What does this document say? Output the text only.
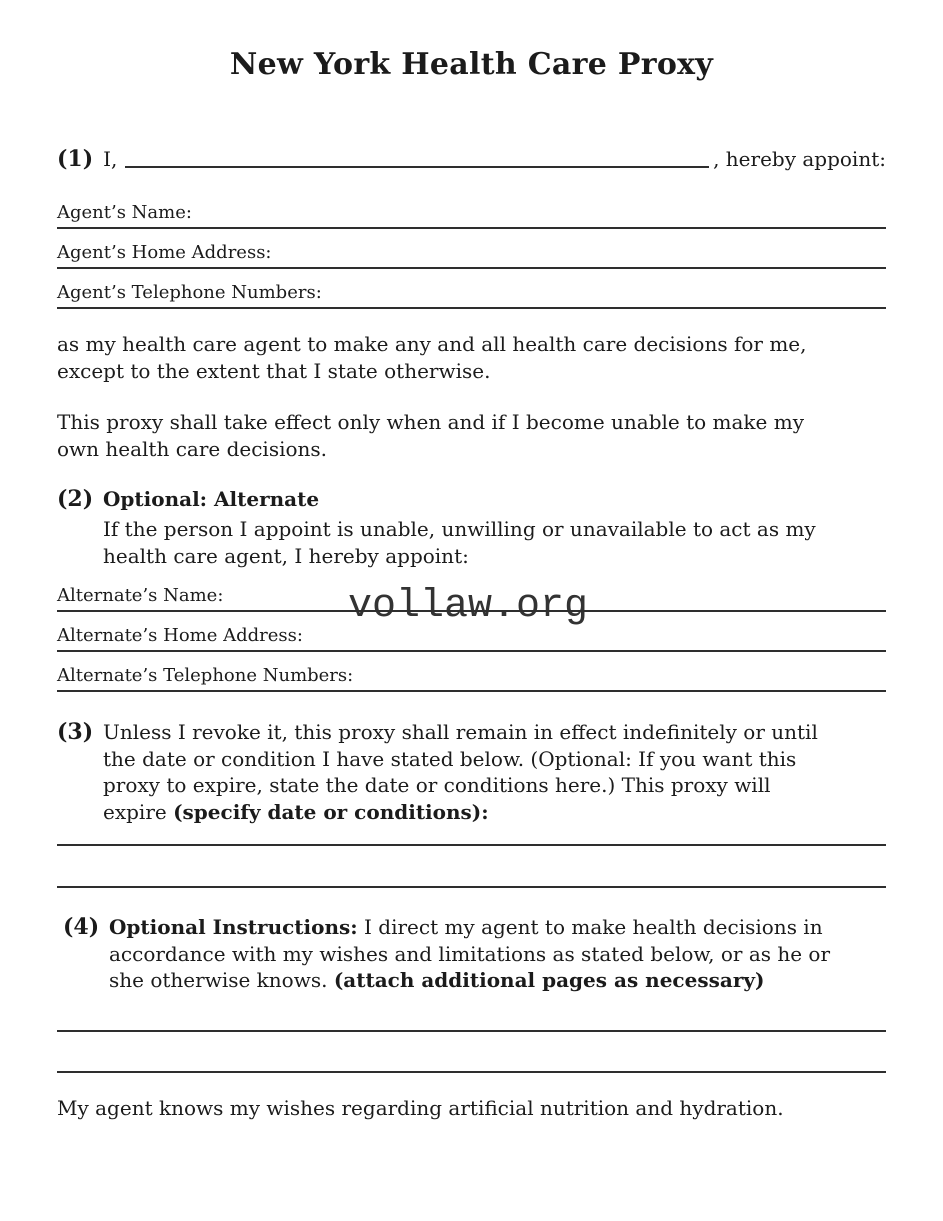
vollaw.org
New York Health Care Proxy
(1) I,	, hereby appoint:
Agent’s Name:
Agent’s Home Address:
Agent’s Telephone Numbers:
as my health care agent to make any and all health care decisions for me,
except to the extent that I state otherwise.
This proxy shall take effect only when and if I become unable to make my
own health care decisions.
(2) Optional: Alternate
If the person I appoint is unable, unwilling or unavailable to act as my
health care agent, I hereby appoint:
Alternate’s Name:
Alternate’s Home Address:
Alternate’s Telephone Numbers:
(3) Unless I revoke it, this proxy shall remain in effect indefinitely or until
the date or condition I have stated below. (Optional: If you want this
proxy to expire, state the date or conditions here.) This proxy will
expire (specify date or conditions):
(4) Optional Instructions: I direct my agent to make health decisions in
accordance with my wishes and limitations as stated below, or as he or
she otherwise knows. (attach additional pages as necessary)
My agent knows my wishes regarding artificial nutrition and hydration.
